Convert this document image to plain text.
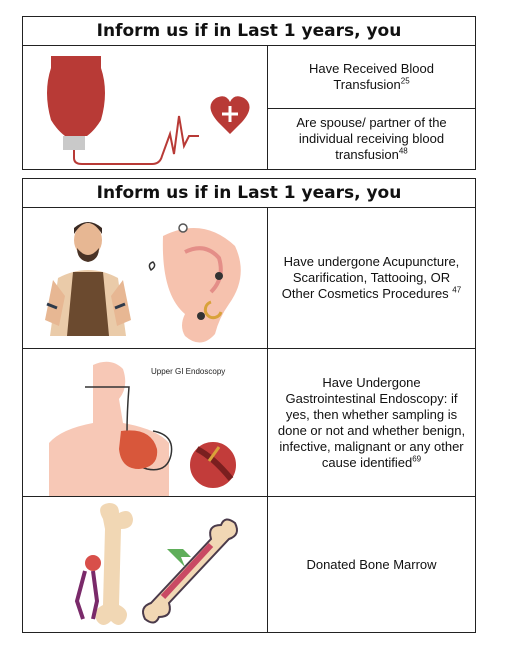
Inform us if in Last 1 years, you
Have Received Blood Transfusion$^{25}$
Are spouse/ partner of the individual receiving blood transfusion$^{48}$
Inform us if in Last 1 years, you
Have undergone Acupuncture, Scarification, Tattooing, OR Other Cosmetics Procedures $^{47}$
Upper GI Endoscopy
Have Undergone Gastrointestinal Endoscopy: if yes, then whether sampling is done or not and whether benign, infective, malignant or any other cause identified$^{69}$
Donated Bone Marrow
